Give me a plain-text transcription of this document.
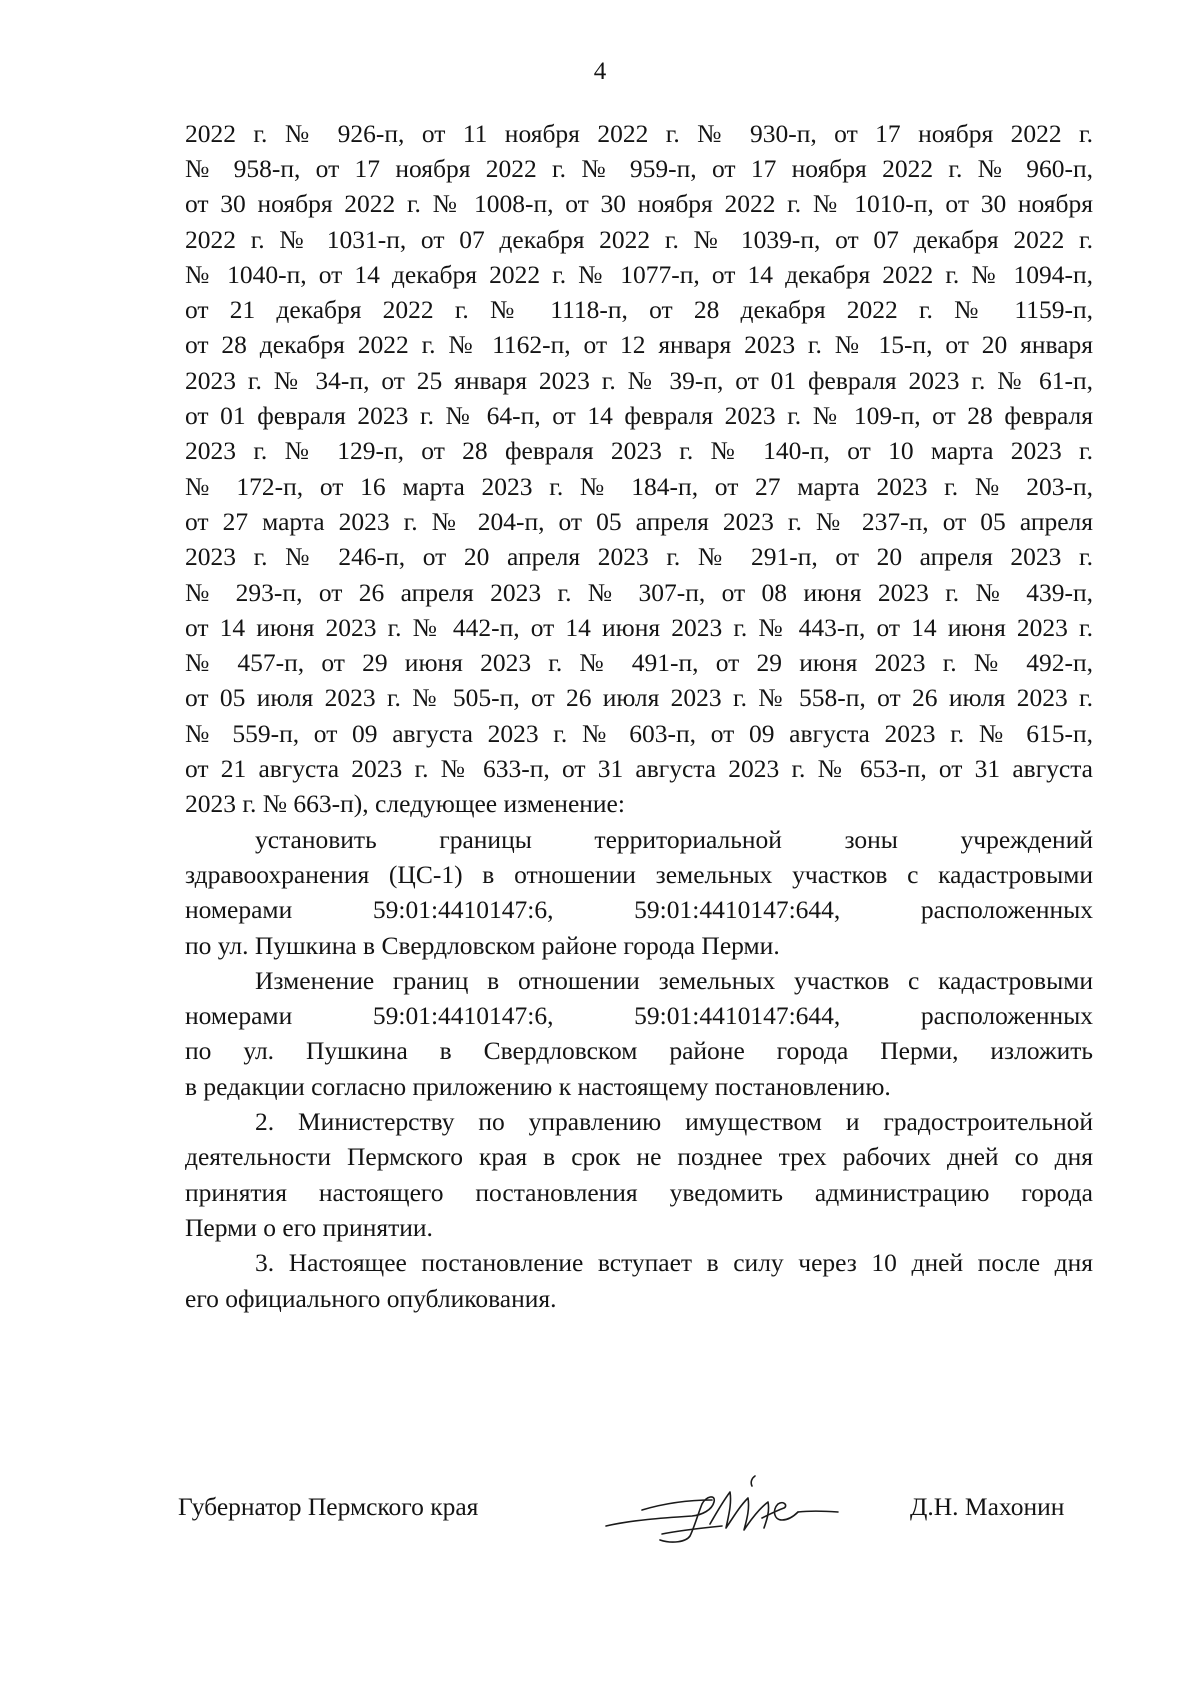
4
2022 г. № 926-п, от 11 ноября 2022 г. № 930-п, от 17 ноября 2022 г.
№ 958-п, от 17 ноября 2022 г. № 959-п, от 17 ноября 2022 г. № 960-п,
от 30 ноября 2022 г. № 1008-п, от 30 ноября 2022 г. № 1010-п, от 30 ноября
2022 г. № 1031-п, от 07 декабря 2022 г. № 1039-п, от 07 декабря 2022 г.
№ 1040-п, от 14 декабря 2022 г. № 1077-п, от 14 декабря 2022 г. № 1094-п,
от 21 декабря 2022 г. № 1118-п, от 28 декабря 2022 г. № 1159-п,
от 28 декабря 2022 г. № 1162-п, от 12 января 2023 г. № 15-п, от 20 января
2023 г. № 34-п, от 25 января 2023 г. № 39-п, от 01 февраля 2023 г. № 61-п,
от 01 февраля 2023 г. № 64-п, от 14 февраля 2023 г. № 109-п, от 28 февраля
2023 г. № 129-п, от 28 февраля 2023 г. № 140-п, от 10 марта 2023 г.
№ 172-п, от 16 марта 2023 г. № 184-п, от 27 марта 2023 г. № 203-п,
от 27 марта 2023 г. № 204-п, от 05 апреля 2023 г. № 237-п, от 05 апреля
2023 г. № 246-п, от 20 апреля 2023 г. № 291-п, от 20 апреля 2023 г.
№ 293-п, от 26 апреля 2023 г. № 307-п, от 08 июня 2023 г. № 439-п,
от 14 июня 2023 г. № 442-п, от 14 июня 2023 г. № 443-п, от 14 июня 2023 г.
№ 457-п, от 29 июня 2023 г. № 491-п, от 29 июня 2023 г. № 492-п,
от 05 июля 2023 г. № 505-п, от 26 июля 2023 г. № 558-п, от 26 июля 2023 г.
№ 559-п, от 09 августа 2023 г. № 603-п, от 09 августа 2023 г. № 615-п,
от 21 августа 2023 г. № 633-п, от 31 августа 2023 г. № 653-п, от 31 августа
2023 г. № 663-п), следующее изменение:
установить границы территориальной зоны учреждений
здравоохранения (ЦС-1) в отношении земельных участков с кадастровыми
номерами 59:01:4410147:6, 59:01:4410147:644, расположенных
по ул. Пушкина в Свердловском районе города Перми.
Изменение границ в отношении земельных участков с кадастровыми
номерами 59:01:4410147:6, 59:01:4410147:644, расположенных
по ул. Пушкина в Свердловском районе города Перми, изложить
в редакции согласно приложению к настоящему постановлению.
2. Министерству по управлению имуществом и градостроительной
деятельности Пермского края в срок не позднее трех рабочих дней со дня
принятия настоящего постановления уведомить администрацию города
Перми о его принятии.
3. Настоящее постановление вступает в силу через 10 дней после дня
его официального опубликования.
Губернатор Пермского края	Д.Н. Махонин
